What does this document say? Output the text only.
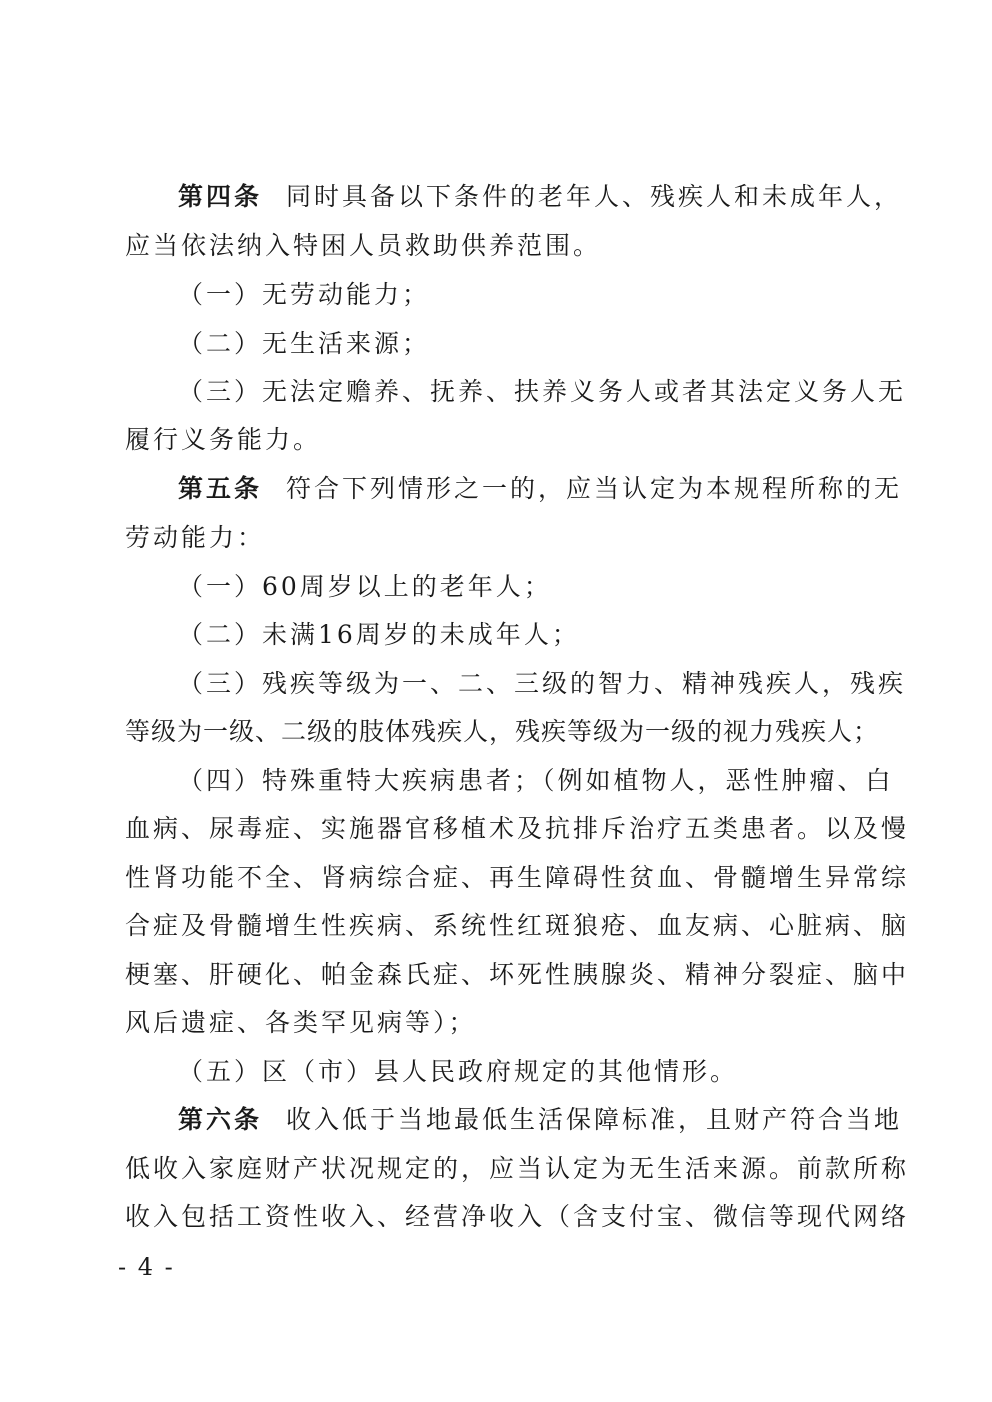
第四条 同时具备以下条件的老年人、残疾人和未成年人，
应当依法纳入特困人员救助供养范围。
（一）无劳动能力；
（二）无生活来源；
（三）无法定赡养、抚养、扶养义务人或者其法定义务人无
履行义务能力。
第五条 符合下列情形之一的，应当认定为本规程所称的无
劳动能力：
（一）60周岁以上的老年人；
（二）未满16周岁的未成年人；
（三）残疾等级为一、二、三级的智力、精神残疾人，残疾
等级为一级、二级的肢体残疾人，残疾等级为一级的视力残疾人；
（四）特殊重特大疾病患者；（例如植物人，恶性肿瘤、白
血病、尿毒症、实施器官移植术及抗排斥治疗五类患者。以及慢
性肾功能不全、肾病综合症、再生障碍性贫血、骨髓增生异常综
合症及骨髓增生性疾病、系统性红斑狼疮、血友病、心脏病、脑
梗塞、肝硬化、帕金森氏症、坏死性胰腺炎、精神分裂症、脑中
风后遗症、各类罕见病等）；
（五）区（市）县人民政府规定的其他情形。
第六条 收入低于当地最低生活保障标准，且财产符合当地
低收入家庭财产状况规定的，应当认定为无生活来源。前款所称
收入包括工资性收入、经营净收入（含支付宝、微信等现代网络
- 4 -
